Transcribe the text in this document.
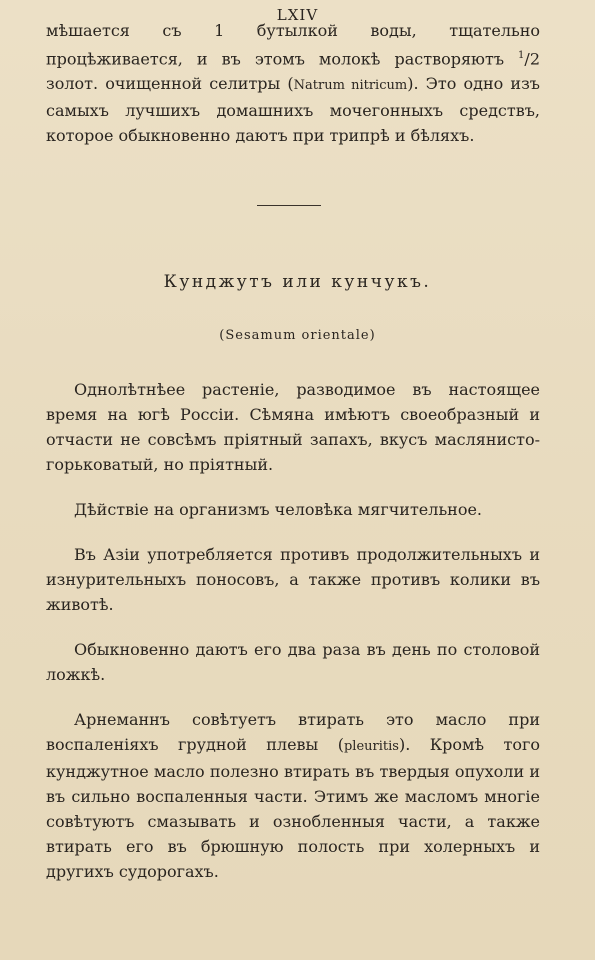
LXIV

мѣшается съ 1 бутылкой воды, тщательно процѣживается, и въ этомъ молокѣ растворяютъ $^1$/2 золот. очищенной селитры (Natrum nitricum). Это одно изъ самыхъ лучшихъ домашнихъ мочегонныхъ средствъ, которое обыкновенно даютъ при трипрѣ и бѣляхъ.

Кунджутъ или кунчукъ.
(Sesamum orientale)

Однолѣтнѣее растенiе, разводимое въ настоящее время на югѣ Россiи. Сѣмяна имѣютъ своеобразный и отчасти не совсѣмъ прiятный запахъ, вкусъ маслянисто-горьковатый, но прiятный.

Дѣйствiе на организмъ человѣка мягчительное.

Въ Азiи употребляется противъ продолжительныхъ и изнурительныхъ поносовъ, а также противъ колики въ животѣ.

Обыкновенно даютъ его два раза въ день по столовой ложкѣ.

Арнеманнъ совѣтуетъ втирать это масло при воспаленiяхъ грудной плевы (pleuritis). Кромѣ того кунджутное масло полезно втирать въ твердыя опухоли и въ сильно воспаленныя части. Этимъ же масломъ многiе совѣтуютъ смазывать и ознобленныя части, а также втирать его въ брюшную полость при холерныхъ и другихъ судорогахъ.
